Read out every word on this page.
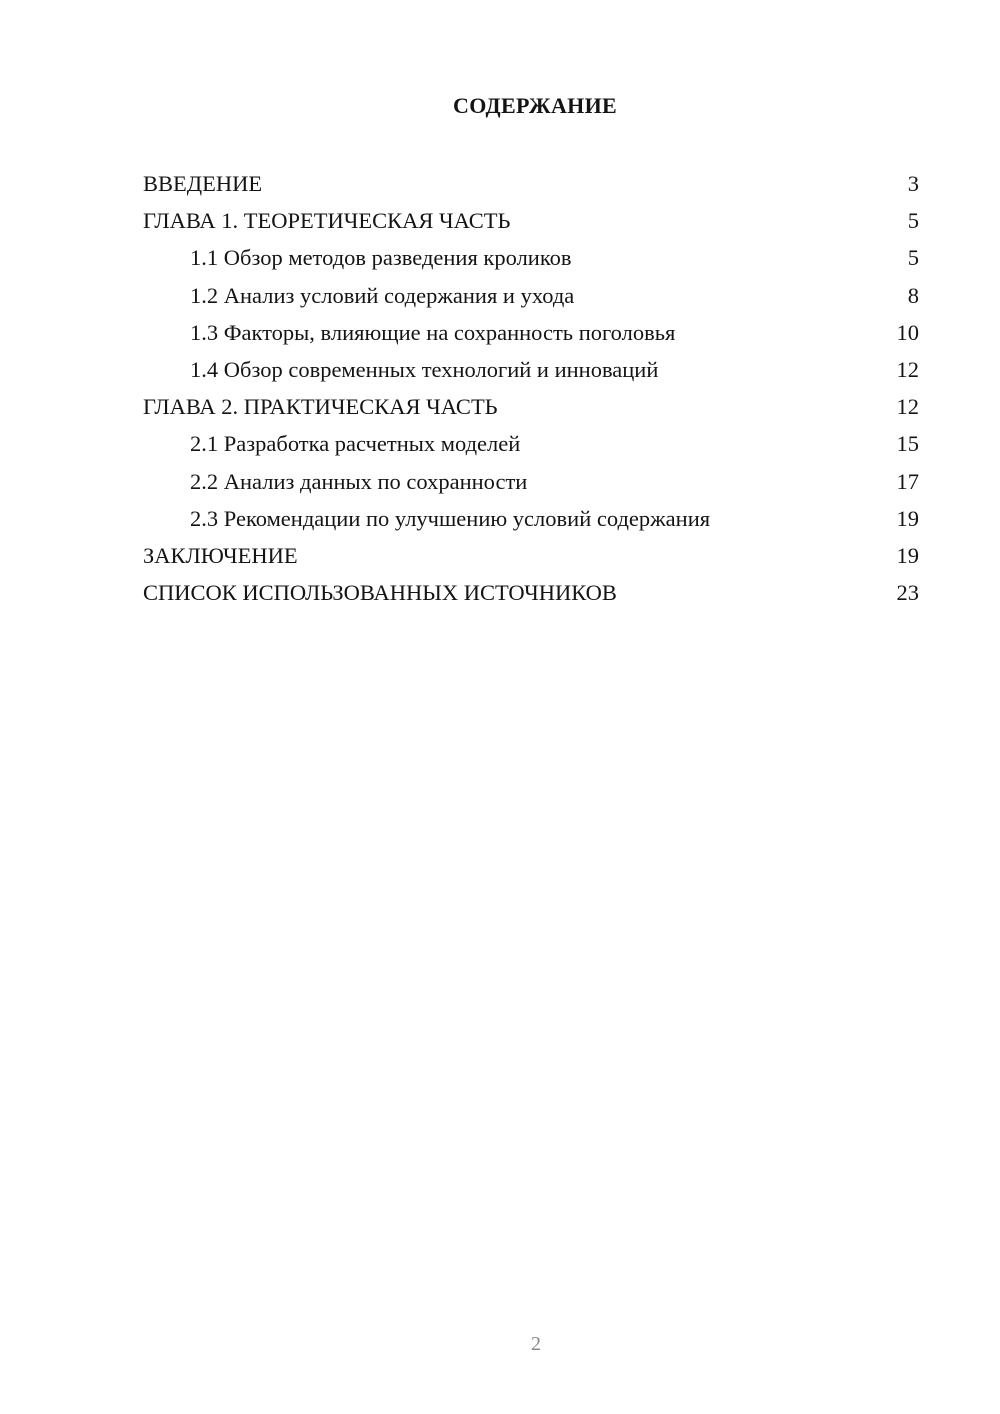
СОДЕРЖАНИЕ
ВВЕДЕНИЕ	3
ГЛАВА 1. ТЕОРЕТИЧЕСКАЯ ЧАСТЬ	5
1.1 Обзор методов разведения кроликов	5
1.2 Анализ условий содержания и ухода	8
1.3 Факторы, влияющие на сохранность поголовья	10
1.4 Обзор современных технологий и инноваций	12
ГЛАВА 2. ПРАКТИЧЕСКАЯ ЧАСТЬ	12
2.1 Разработка расчетных моделей	15
2.2 Анализ данных по сохранности	17
2.3 Рекомендации по улучшению условий содержания	19
ЗАКЛЮЧЕНИЕ	19
СПИСОК ИСПОЛЬЗОВАННЫХ ИСТОЧНИКОВ	23
2
